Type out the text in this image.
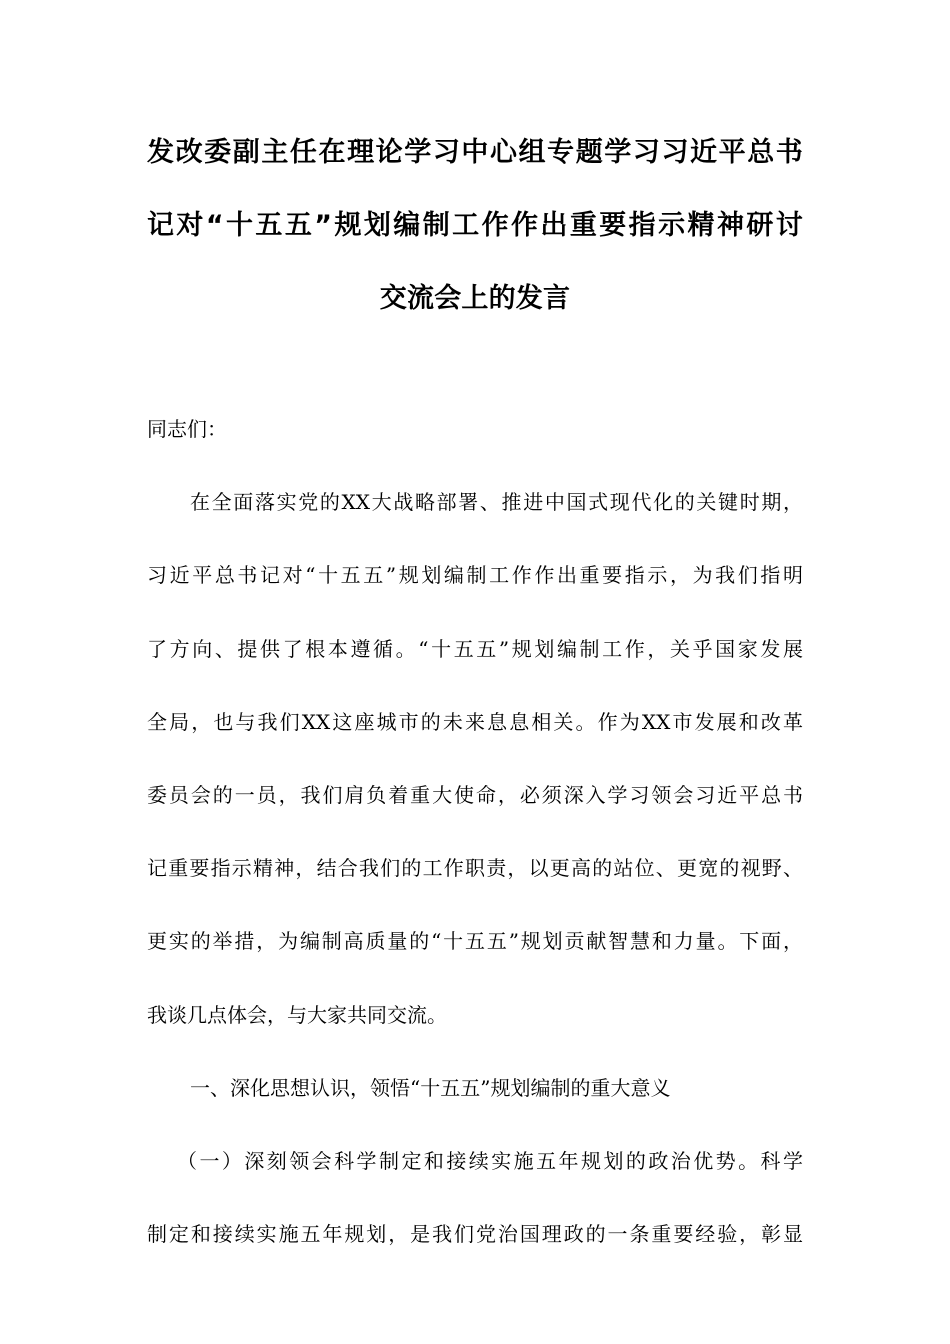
发改委副主任在理论学习中心组专题学习习近平总书
记对“十五五”规划编制工作作出重要指示精神研讨
交流会上的发言
同志们：
在全面落实党的XX大战略部署、推进中国式现代化的关键时期，
习近平总书记对“十五五”规划编制工作作出重要指示，为我们指明
了方向、提供了根本遵循。“十五五”规划编制工作，关乎国家发展
全局，也与我们XX这座城市的未来息息相关。作为XX市发展和改革
委员会的一员，我们肩负着重大使命，必须深入学习领会习近平总书
记重要指示精神，结合我们的工作职责，以更高的站位、更宽的视野、
更实的举措，为编制高质量的“十五五”规划贡献智慧和力量。下面，
我谈几点体会，与大家共同交流。
一、深化思想认识，领悟“十五五”规划编制的重大意义
（一）深刻领会科学制定和接续实施五年规划的政治优势。科学
制定和接续实施五年规划，是我们党治国理政的一条重要经验，彰显
